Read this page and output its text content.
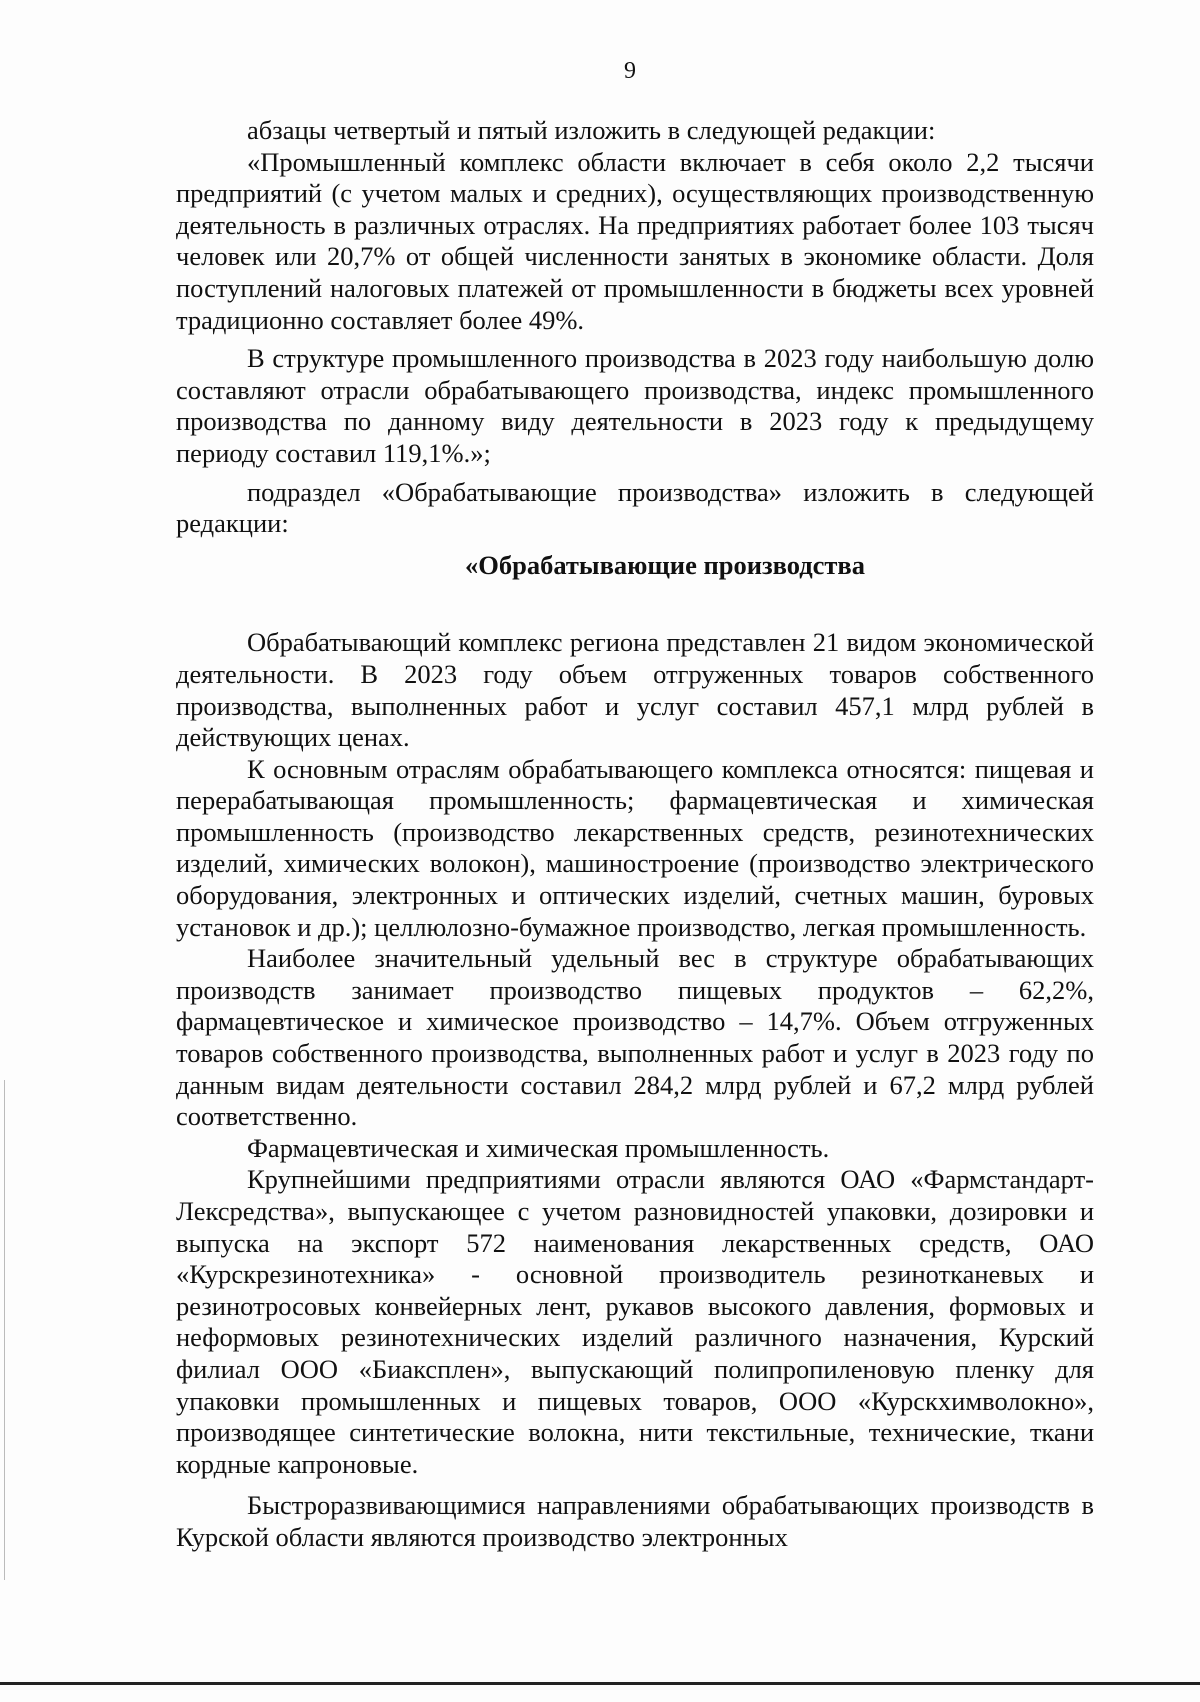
9

абзацы четвертый и пятый изложить в следующей редакции:

«Промышленный комплекс области включает в себя около 2,2 тысячи предприятий (с учетом малых и средних), осуществляющих производственную деятельность в различных отраслях. На предприятиях работает более 103 тысяч человек или 20,7% от общей численности занятых в экономике области. Доля поступлений налоговых платежей от промышленности в бюджеты всех уровней традиционно составляет более 49%.

В структуре промышленного производства в 2023 году наибольшую долю составляют отрасли обрабатывающего производства, индекс промышленного производства по данному виду деятельности в 2023 году к предыдущему периоду составил 119,1%.»;

подраздел «Обрабатывающие производства» изложить в следующей редакции:

«Обрабатывающие производства

Обрабатывающий комплекс региона представлен 21 видом экономической деятельности. В 2023 году объем отгруженных товаров собственного производства, выполненных работ и услуг составил 457,1 млрд рублей в действующих ценах.

К основным отраслям обрабатывающего комплекса относятся: пищевая и перерабатывающая промышленность; фармацевтическая и химическая промышленность (производство лекарственных средств, резинотехнических изделий, химических волокон), машиностроение (производство электрического оборудования, электронных и оптических изделий, счетных машин, буровых установок и др.); целлюлозно-бумажное производство, легкая промышленность.

Наиболее значительный удельный вес в структуре обрабатывающих производств занимает производство пищевых продуктов – 62,2%, фармацевтическое и химическое производство – 14,7%. Объем отгруженных товаров собственного производства, выполненных работ и услуг в 2023 году по данным видам деятельности составил 284,2 млрд рублей и 67,2 млрд рублей соответственно.

Фармацевтическая и химическая промышленность.

Крупнейшими предприятиями отрасли являются ОАО «Фармстандарт-Лексредства», выпускающее с учетом разновидностей упаковки, дозировки и выпуска на экспорт 572 наименования лекарственных средств, ОАО «Курскрезинотехника» - основной производитель резинотканевых и резинотросовых конвейерных лент, рукавов высокого давления, формовых и неформовых резинотехнических изделий различного назначения, Курский филиал ООО «Биаксплен», выпускающий полипропиленовую пленку для упаковки промышленных и пищевых товаров, ООО «Курскхимволокно», производящее синтетические волокна, нити текстильные, технические, ткани кордные капроновые.

Быстроразвивающимися направлениями обрабатывающих производств в Курской области являются производство электронных
